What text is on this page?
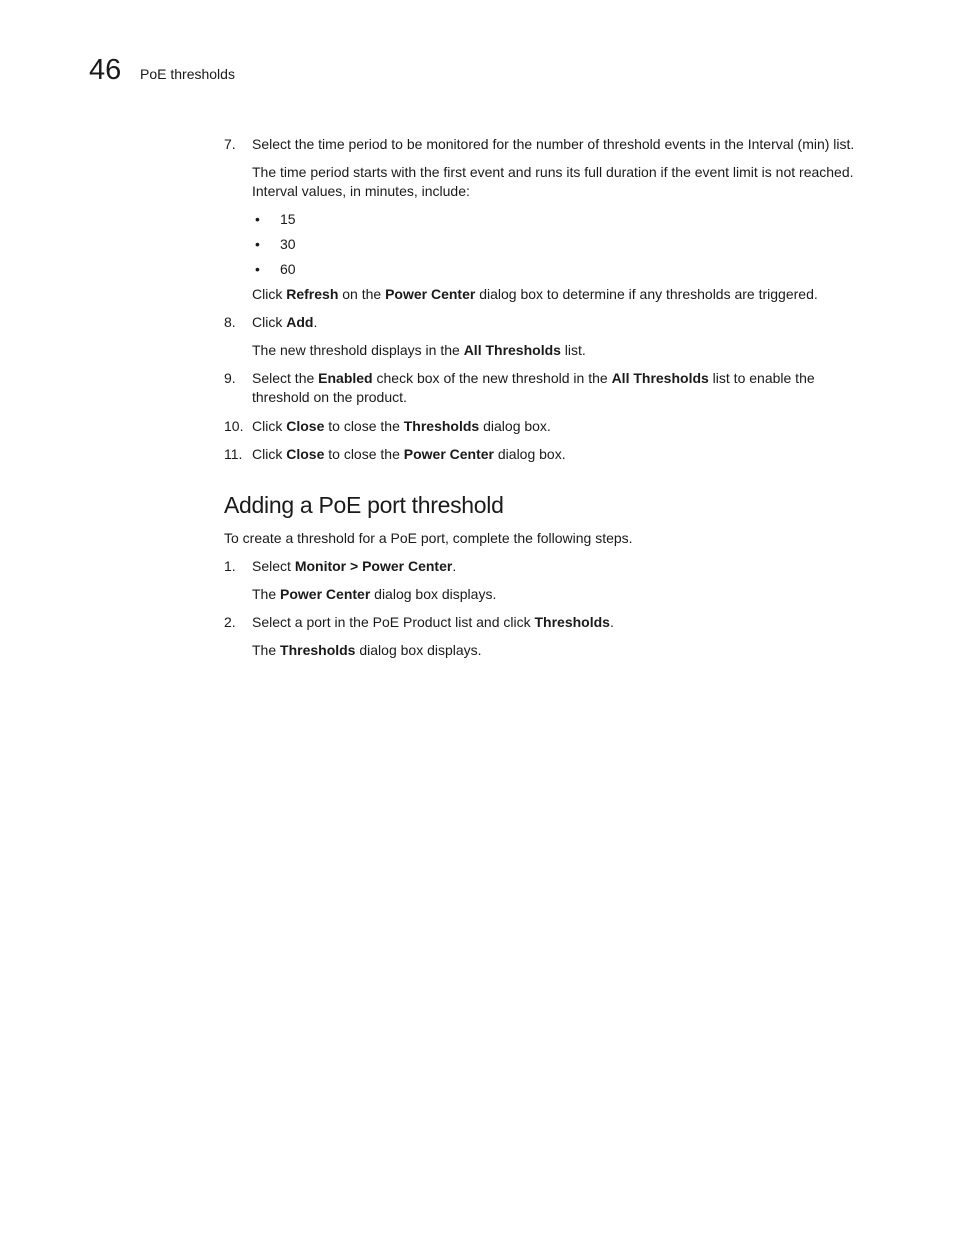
46 PoE thresholds
7. Select the time period to be monitored for the number of threshold events in the Interval (min) list.
The time period starts with the first event and runs its full duration if the event limit is not reached. Interval values, in minutes, include:
• 15
• 30
• 60
Click Refresh on the Power Center dialog box to determine if any thresholds are triggered.
8. Click Add.
The new threshold displays in the All Thresholds list.
9. Select the Enabled check box of the new threshold in the All Thresholds list to enable the threshold on the product.
10. Click Close to close the Thresholds dialog box.
11. Click Close to close the Power Center dialog box.
Adding a PoE port threshold
To create a threshold for a PoE port, complete the following steps.
1. Select Monitor > Power Center.
The Power Center dialog box displays.
2. Select a port in the PoE Product list and click Thresholds.
The Thresholds dialog box displays.
